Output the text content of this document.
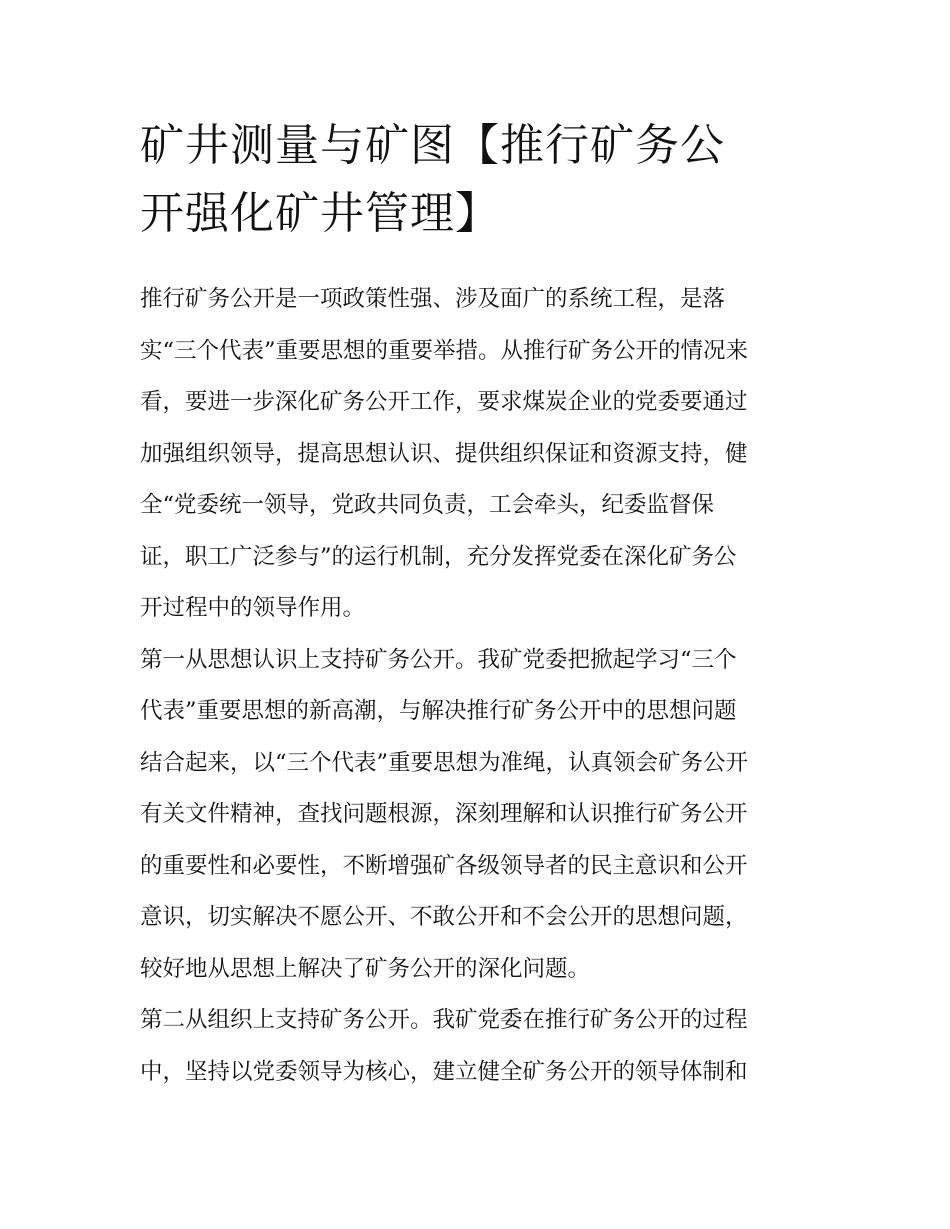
矿井测量与矿图【推行矿务公
开强化矿井管理】

推行矿务公开是一项政策性强、涉及面广的系统工程，是落
实“三个代表”重要思想的重要举措。从推行矿务公开的情况来
看，要进一步深化矿务公开工作，要求煤炭企业的党委要通过
加强组织领导，提高思想认识、提供组织保证和资源支持，健
全“党委统一领导，党政共同负责，工会牵头，纪委监督保
证，职工广泛参与”的运行机制，充分发挥党委在深化矿务公
开过程中的领导作用。

第一从思想认识上支持矿务公开。我矿党委把掀起学习“三个
代表”重要思想的新高潮，与解决推行矿务公开中的思想问题
结合起来，以“三个代表”重要思想为准绳，认真领会矿务公开
有关文件精神，查找问题根源，深刻理解和认识推行矿务公开
的重要性和必要性，不断增强矿各级领导者的民主意识和公开
意识，切实解决不愿公开、不敢公开和不会公开的思想问题，
较好地从思想上解决了矿务公开的深化问题。

第二从组织上支持矿务公开。我矿党委在推行矿务公开的过程
中，坚持以党委领导为核心，建立健全矿务公开的领导体制和
